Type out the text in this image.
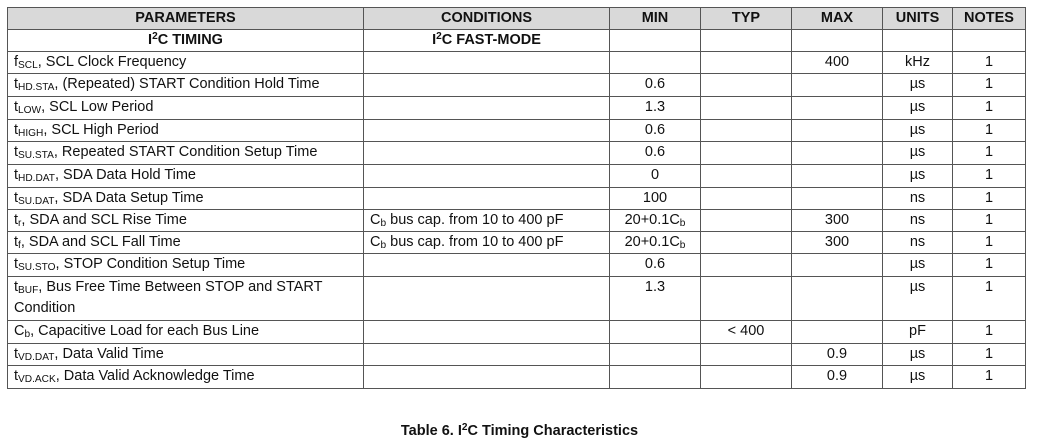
PARAMETERS	CONDITIONS	MIN	TYP	MAX	UNITS	NOTES
$I^2C$ TIMING	$I^2C$ FAST-MODE					
$f_{SCL}$, SCL Clock Frequency				400	kHz	1
$t_{HD.STA}$, (Repeated) START Condition Hold Time		0.6			µs	1
$t_{LOW}$, SCL Low Period		1.3			µs	1
$t_{HIGH}$, SCL High Period		0.6			µs	1
$t_{SU.STA}$, Repeated START Condition Setup Time		0.6			µs	1
$t_{HD.DAT}$, SDA Data Hold Time		0			µs	1
$t_{SU.DAT}$, SDA Data Setup Time		100			ns	1
$t_r$, SDA and SCL Rise Time	$C_b$ bus cap. from 10 to 400 pF	$20+0.1C_b$		300	ns	1
$t_f$, SDA and SCL Fall Time	$C_b$ bus cap. from 10 to 400 pF	$20+0.1C_b$		300	ns	1
$t_{SU.STO}$, STOP Condition Setup Time		0.6			µs	1
$t_{BUF}$, Bus Free Time Between STOP and START Condition		1.3			µs	1
$C_b$, Capacitive Load for each Bus Line			< 400		pF	1
$t_{VD.DAT}$, Data Valid Time				0.9	µs	1
$t_{VD.ACK}$, Data Valid Acknowledge Time				0.9	µs	1
Table 6. $I^2C$ Timing Characteristics
